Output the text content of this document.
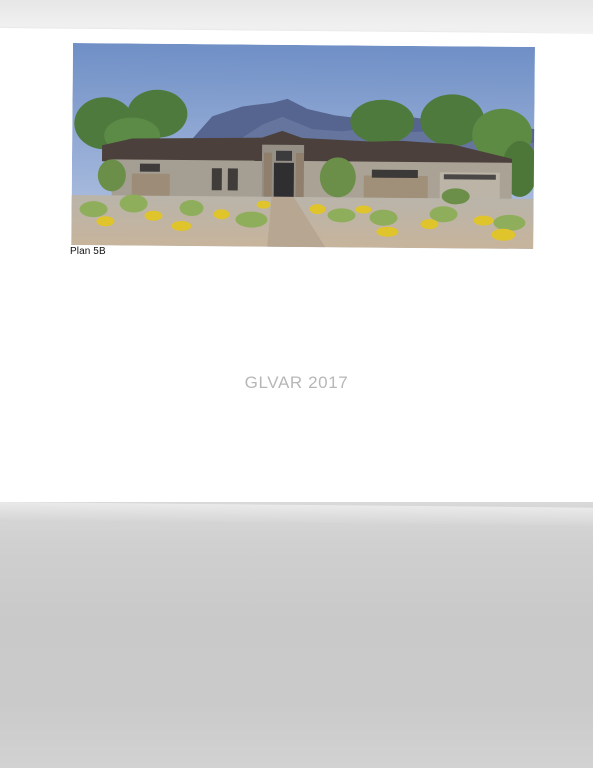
Plan 5B
GLVAR 2017
